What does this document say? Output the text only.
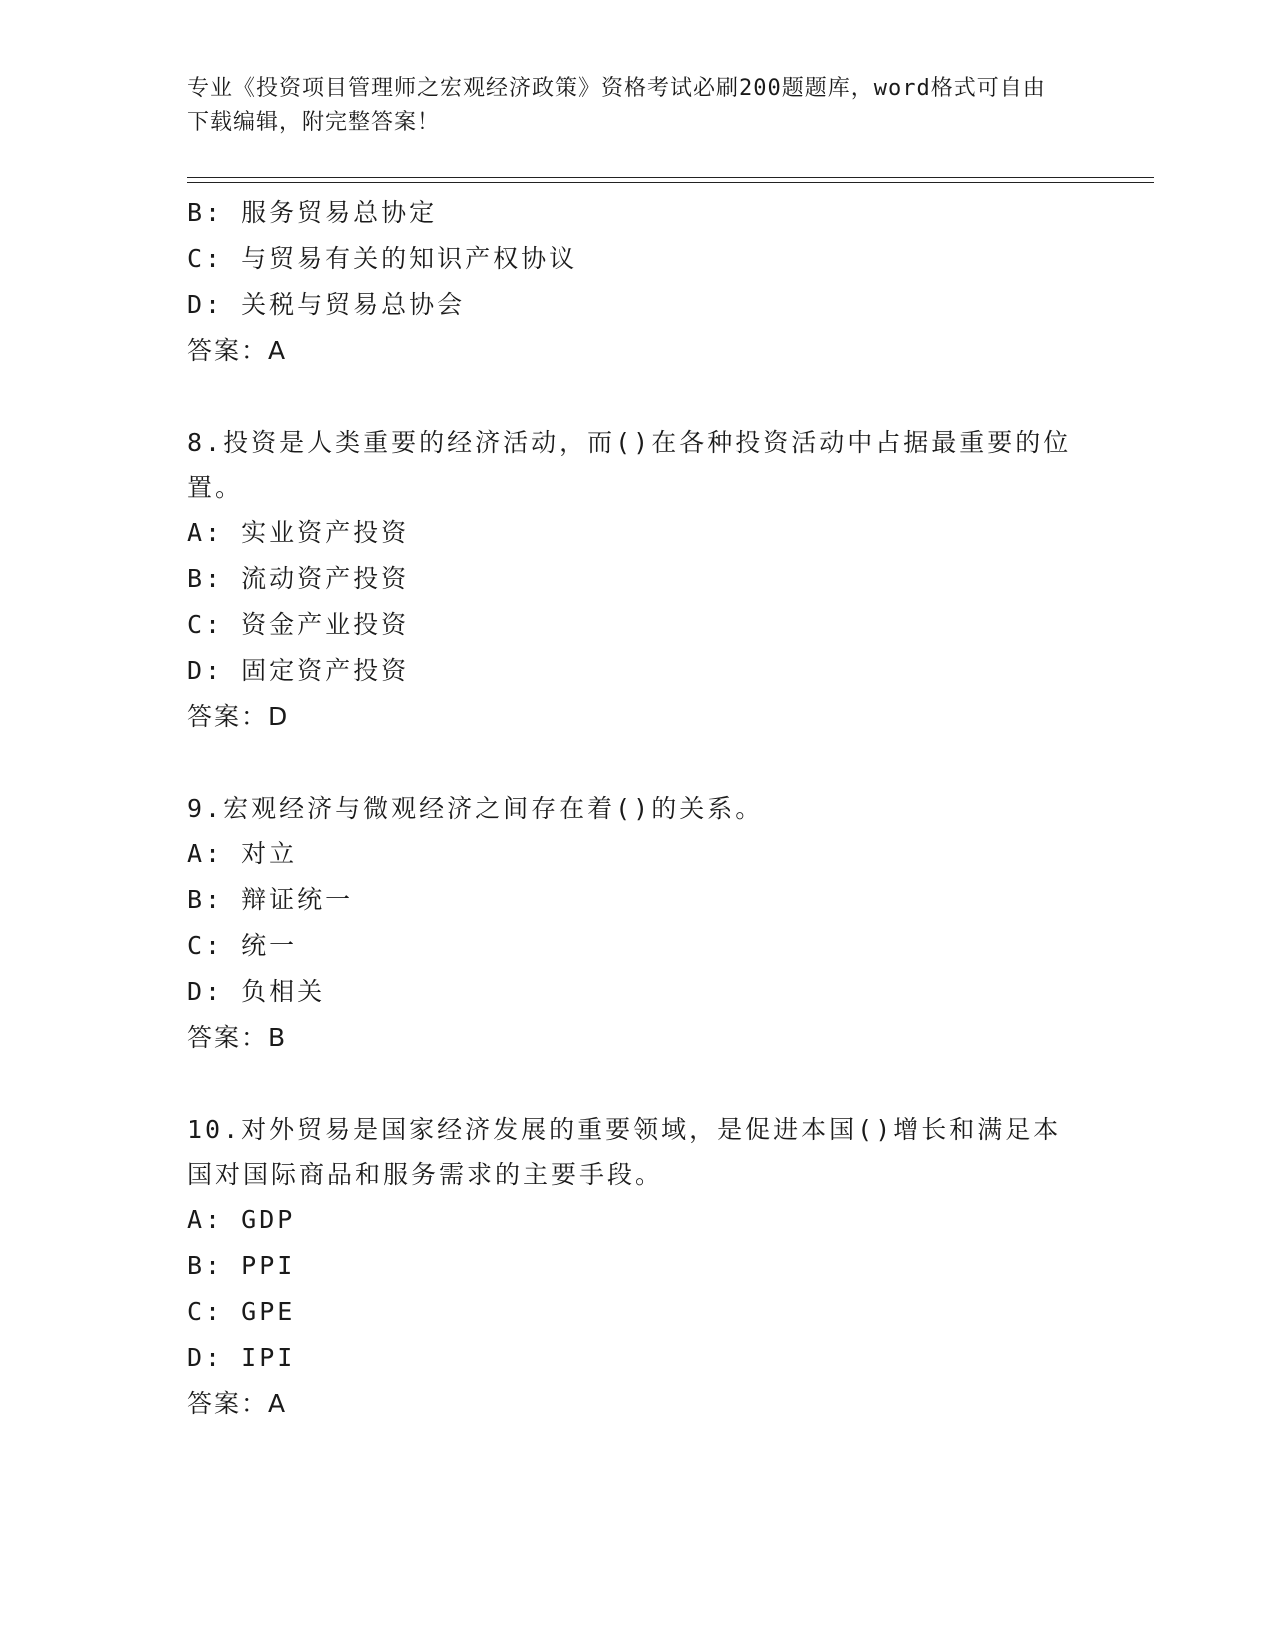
专业《投资项目管理师之宏观经济政策》资格考试必刷200题题库，word格式可自由下载编辑，附完整答案！
B: 服务贸易总协定
C: 与贸易有关的知识产权协议
D: 关税与贸易总协会
答案：A
8.投资是人类重要的经济活动，而()在各种投资活动中占据最重要的位置。
A: 实业资产投资
B: 流动资产投资
C: 资金产业投资
D: 固定资产投资
答案：D
9.宏观经济与微观经济之间存在着()的关系。
A: 对立
B: 辩证统一
C: 统一
D: 负相关
答案：B
10.对外贸易是国家经济发展的重要领域，是促进本国()增长和满足本国对国际商品和服务需求的主要手段。
A: GDP
B: PPI
C: GPE
D: IPI
答案：A
